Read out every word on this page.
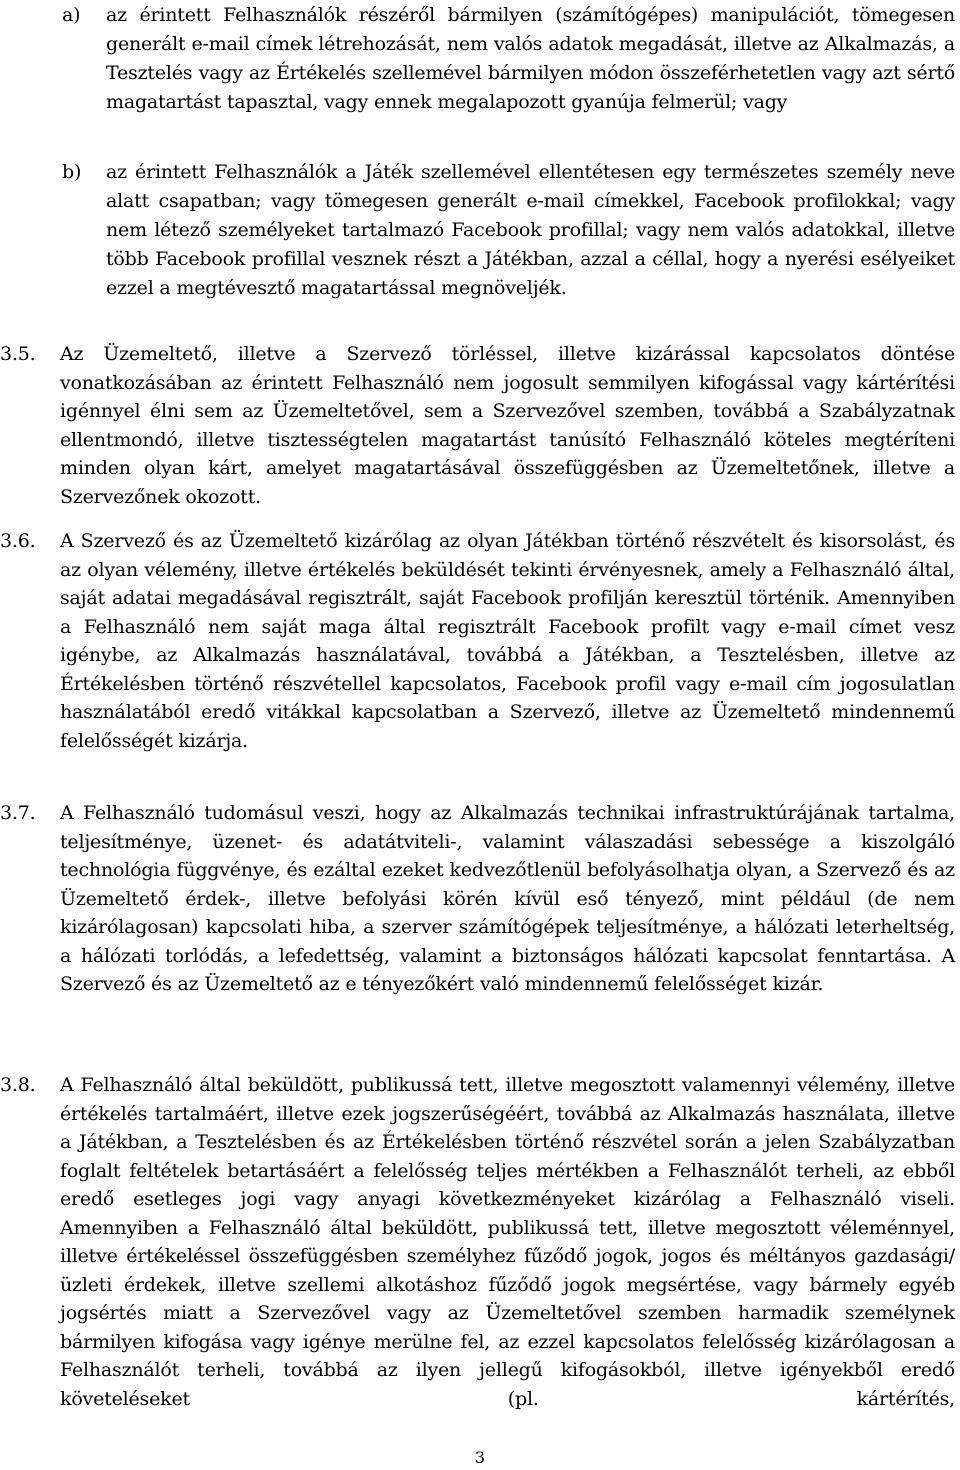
a) az érintett Felhasználók részéről bármilyen (számítógépes) manipulációt, tömegesen generált e-mail címek létrehozását, nem valós adatok megadását, illetve az Alkalmazás, a Tesztelés vagy az Értékelés szellemével bármilyen módon összeférhetetlen vagy azt sértő magatartást tapasztal, vagy ennek megalapozott gyanúja felmerül; vagy
b) az érintett Felhasználók a Játék szellemével ellentétesen egy természetes személy neve alatt csapatban; vagy tömegesen generált e-mail címekkel, Facebook profilokkal; vagy nem létező személyeket tartalmazó Facebook profillal; vagy nem valós adatokkal, illetve több Facebook profillal vesznek részt a Játékban, azzal a céllal, hogy a nyerési esélyeiket ezzel a megtévesztő magatartással megnöveljék.
3.5. Az Üzemeltető, illetve a Szervező törléssel, illetve kizárással kapcsolatos döntése vonatkozásában az érintett Felhasználó nem jogosult semmilyen kifogással vagy kártérítési igénnyel élni sem az Üzemeltetővel, sem a Szervezővel szemben, továbbá a Szabályzatnak ellentmondó, illetve tisztességtelen magatartást tanúsító Felhasználó köteles megtéríteni minden olyan kárt, amelyet magatartásával összefüggésben az Üzemeltetőnek, illetve a Szervezőnek okozott.
3.6. A Szervező és az Üzemeltető kizárólag az olyan Játékban történő részvételt és kisorsolást, és az olyan vélemény, illetve értékelés beküldését tekinti érvényesnek, amely a Felhasználó által, saját adatai megadásával regisztrált, saját Facebook profilján keresztül történik. Amennyiben a Felhasználó nem saját maga által regisztrált Facebook profilt vagy e-mail címet vesz igénybe, az Alkalmazás használatával, továbbá a Játékban, a Tesztelésben, illetve az Értékelésben történő részvétellel kapcsolatos, Facebook profil vagy e-mail cím jogosulatlan használatából eredő vitákkal kapcsolatban a Szervező, illetve az Üzemeltető mindennemű felelősségét kizárja.
3.7. A Felhasználó tudomásul veszi, hogy az Alkalmazás technikai infrastruktúrájának tartalma, teljesítménye, üzenet- és adatátviteli-, valamint válaszadási sebessége a kiszolgáló technológia függvénye, és ezáltal ezeket kedvezőtlenül befolyásolhatja olyan, a Szervező és az Üzemeltető érdek-, illetve befolyási körén kívül eső tényező, mint például (de nem kizárólagosan) kapcsolati hiba, a szerver számítógépek teljesítménye, a hálózati leterheltség, a hálózati torlódás, a lefedettség, valamint a biztonságos hálózati kapcsolat fenntartása. A Szervező és az Üzemeltető az e tényezőkért való mindennemű felelősséget kizár.
3.8. A Felhasználó által beküldött, publikussá tett, illetve megosztott valamennyi vélemény, illetve értékelés tartalmáért, illetve ezek jogszerűségéért, továbbá az Alkalmazás használata, illetve a Játékban, a Tesztelésben és az Értékelésben történő részvétel során a jelen Szabályzatban foglalt feltételek betartásáért a felelősség teljes mértékben a Felhasználót terheli, az ebből eredő esetleges jogi vagy anyagi következményeket kizárólag a Felhasználó viseli. Amennyiben a Felhasználó által beküldött, publikussá tett, illetve megosztott véleménnyel, illetve értékeléssel összefüggésben személyhez fűződő jogok, jogos és méltányos gazdasági/üzleti érdekek, illetve szellemi alkotáshoz fűződő jogok megsértése, vagy bármely egyéb jogsértés miatt a Szervezővel vagy az Üzemeltetővel szemben harmadik személynek bármilyen kifogása vagy igénye merülne fel, az ezzel kapcsolatos felelősség kizárólagosan a Felhasználót terheli, továbbá az ilyen jellegű kifogásokból, illetve igényekből eredő követeléseket (pl. kártérítés,
3
